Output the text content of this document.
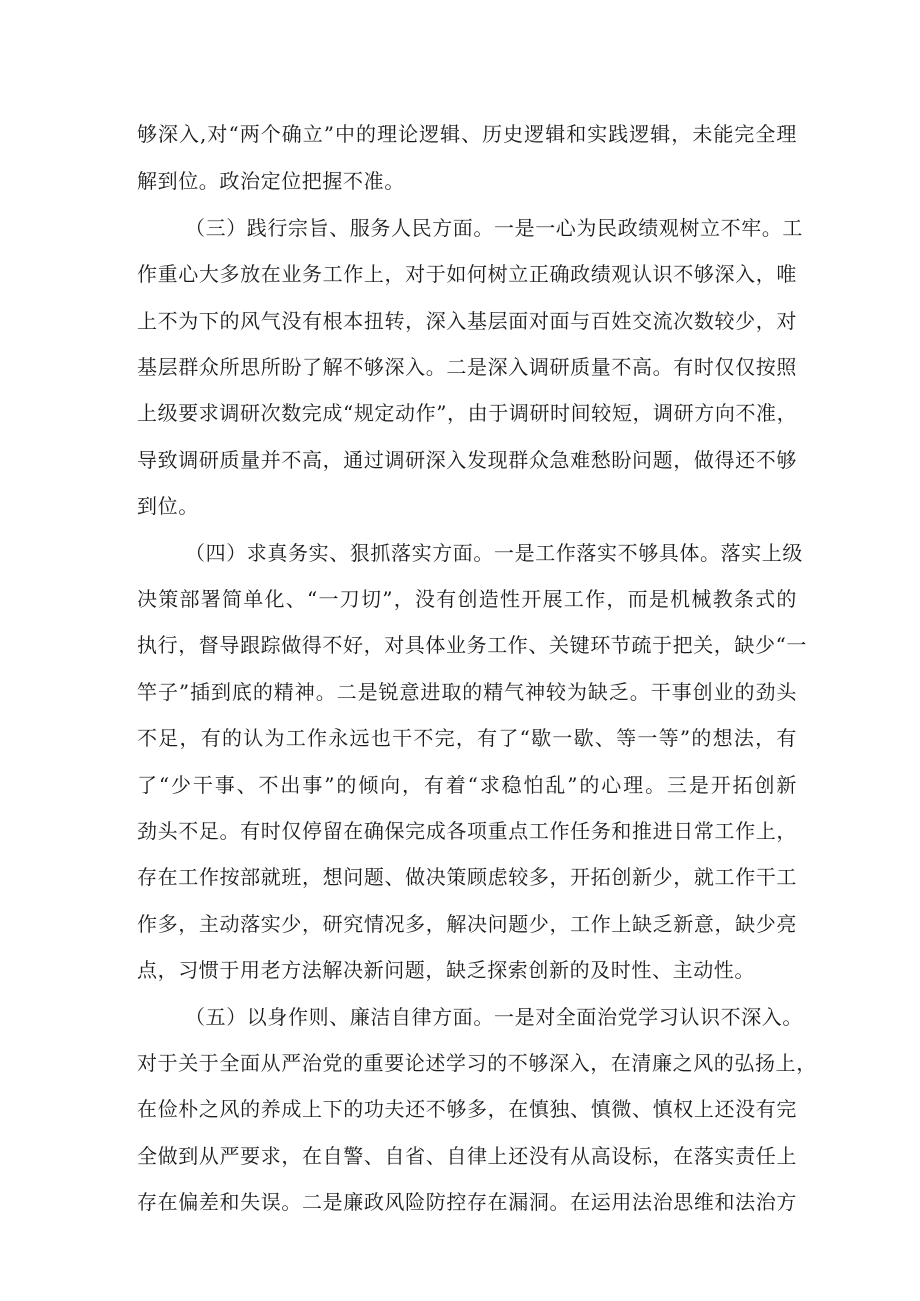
够深入,对“两个确立”中的理论逻辑、历史逻辑和实践逻辑，未能完全理
解到位。政治定位把握不准。
（三）践行宗旨、服务人民方面。一是一心为民政绩观树立不牢。工
作重心大多放在业务工作上，对于如何树立正确政绩观认识不够深入，唯
上不为下的风气没有根本扭转，深入基层面对面与百姓交流次数较少，对
基层群众所思所盼了解不够深入。二是深入调研质量不高。有时仅仅按照
上级要求调研次数完成“规定动作”，由于调研时间较短，调研方向不准，
导致调研质量并不高，通过调研深入发现群众急难愁盼问题，做得还不够
到位。
（四）求真务实、狠抓落实方面。一是工作落实不够具体。落实上级
决策部署简单化、“一刀切”，没有创造性开展工作，而是机械教条式的
执行，督导跟踪做得不好，对具体业务工作、关键环节疏于把关，缺少“一
竿子”插到底的精神。二是锐意进取的精气神较为缺乏。干事创业的劲头
不足，有的认为工作永远也干不完，有了“歇一歇、等一等”的想法，有
了“少干事、不出事”的倾向，有着“求稳怕乱”的心理。三是开拓创新
劲头不足。有时仅停留在确保完成各项重点工作任务和推进日常工作上，
存在工作按部就班，想问题、做决策顾虑较多，开拓创新少，就工作干工
作多，主动落实少，研究情况多，解决问题少，工作上缺乏新意，缺少亮
点，习惯于用老方法解决新问题，缺乏探索创新的及时性、主动性。
（五）以身作则、廉洁自律方面。一是对全面治党学习认识不深入。
对于关于全面从严治党的重要论述学习的不够深入，在清廉之风的弘扬上，
在俭朴之风的养成上下的功夫还不够多，在慎独、慎微、慎权上还没有完
全做到从严要求，在自警、自省、自律上还没有从高设标，在落实责任上
存在偏差和失误。二是廉政风险防控存在漏洞。在运用法治思维和法治方
